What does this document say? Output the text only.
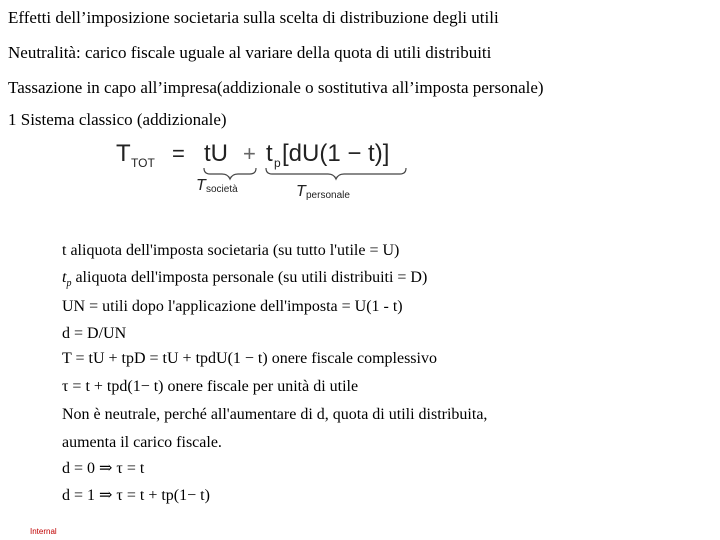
Effetti dell’imposizione societaria sulla scelta di distribuzione degli utili
Neutralità: carico fiscale uguale al variare della quota di utili distribuiti
Tassazione in capo all’impresa(addizionale o sostitutiva all’imposta personale)
1 Sistema classico (addizionale)
T TOT = tU + t p [dU(1 − t)]
T società	T personale
t aliquota dell'imposta societaria (su tutto l'utile = U)
$t_p$ aliquota dell'imposta personale (su utili distribuiti = D)
UN = utili dopo l'applicazione dell'imposta = U(1 - t)
d = D/UN
T = tU + tpD = tU + tpdU(1 − t) onere fiscale complessivo
τ = t + tpd(1− t) onere fiscale per unità di utile
Non è neutrale, perché all'aumentare di d, quota di utili distribuita,
aumenta il carico fiscale.
d = 0 ⇒ τ = t
d = 1 ⇒ τ = t + tp(1− t)
Internal
